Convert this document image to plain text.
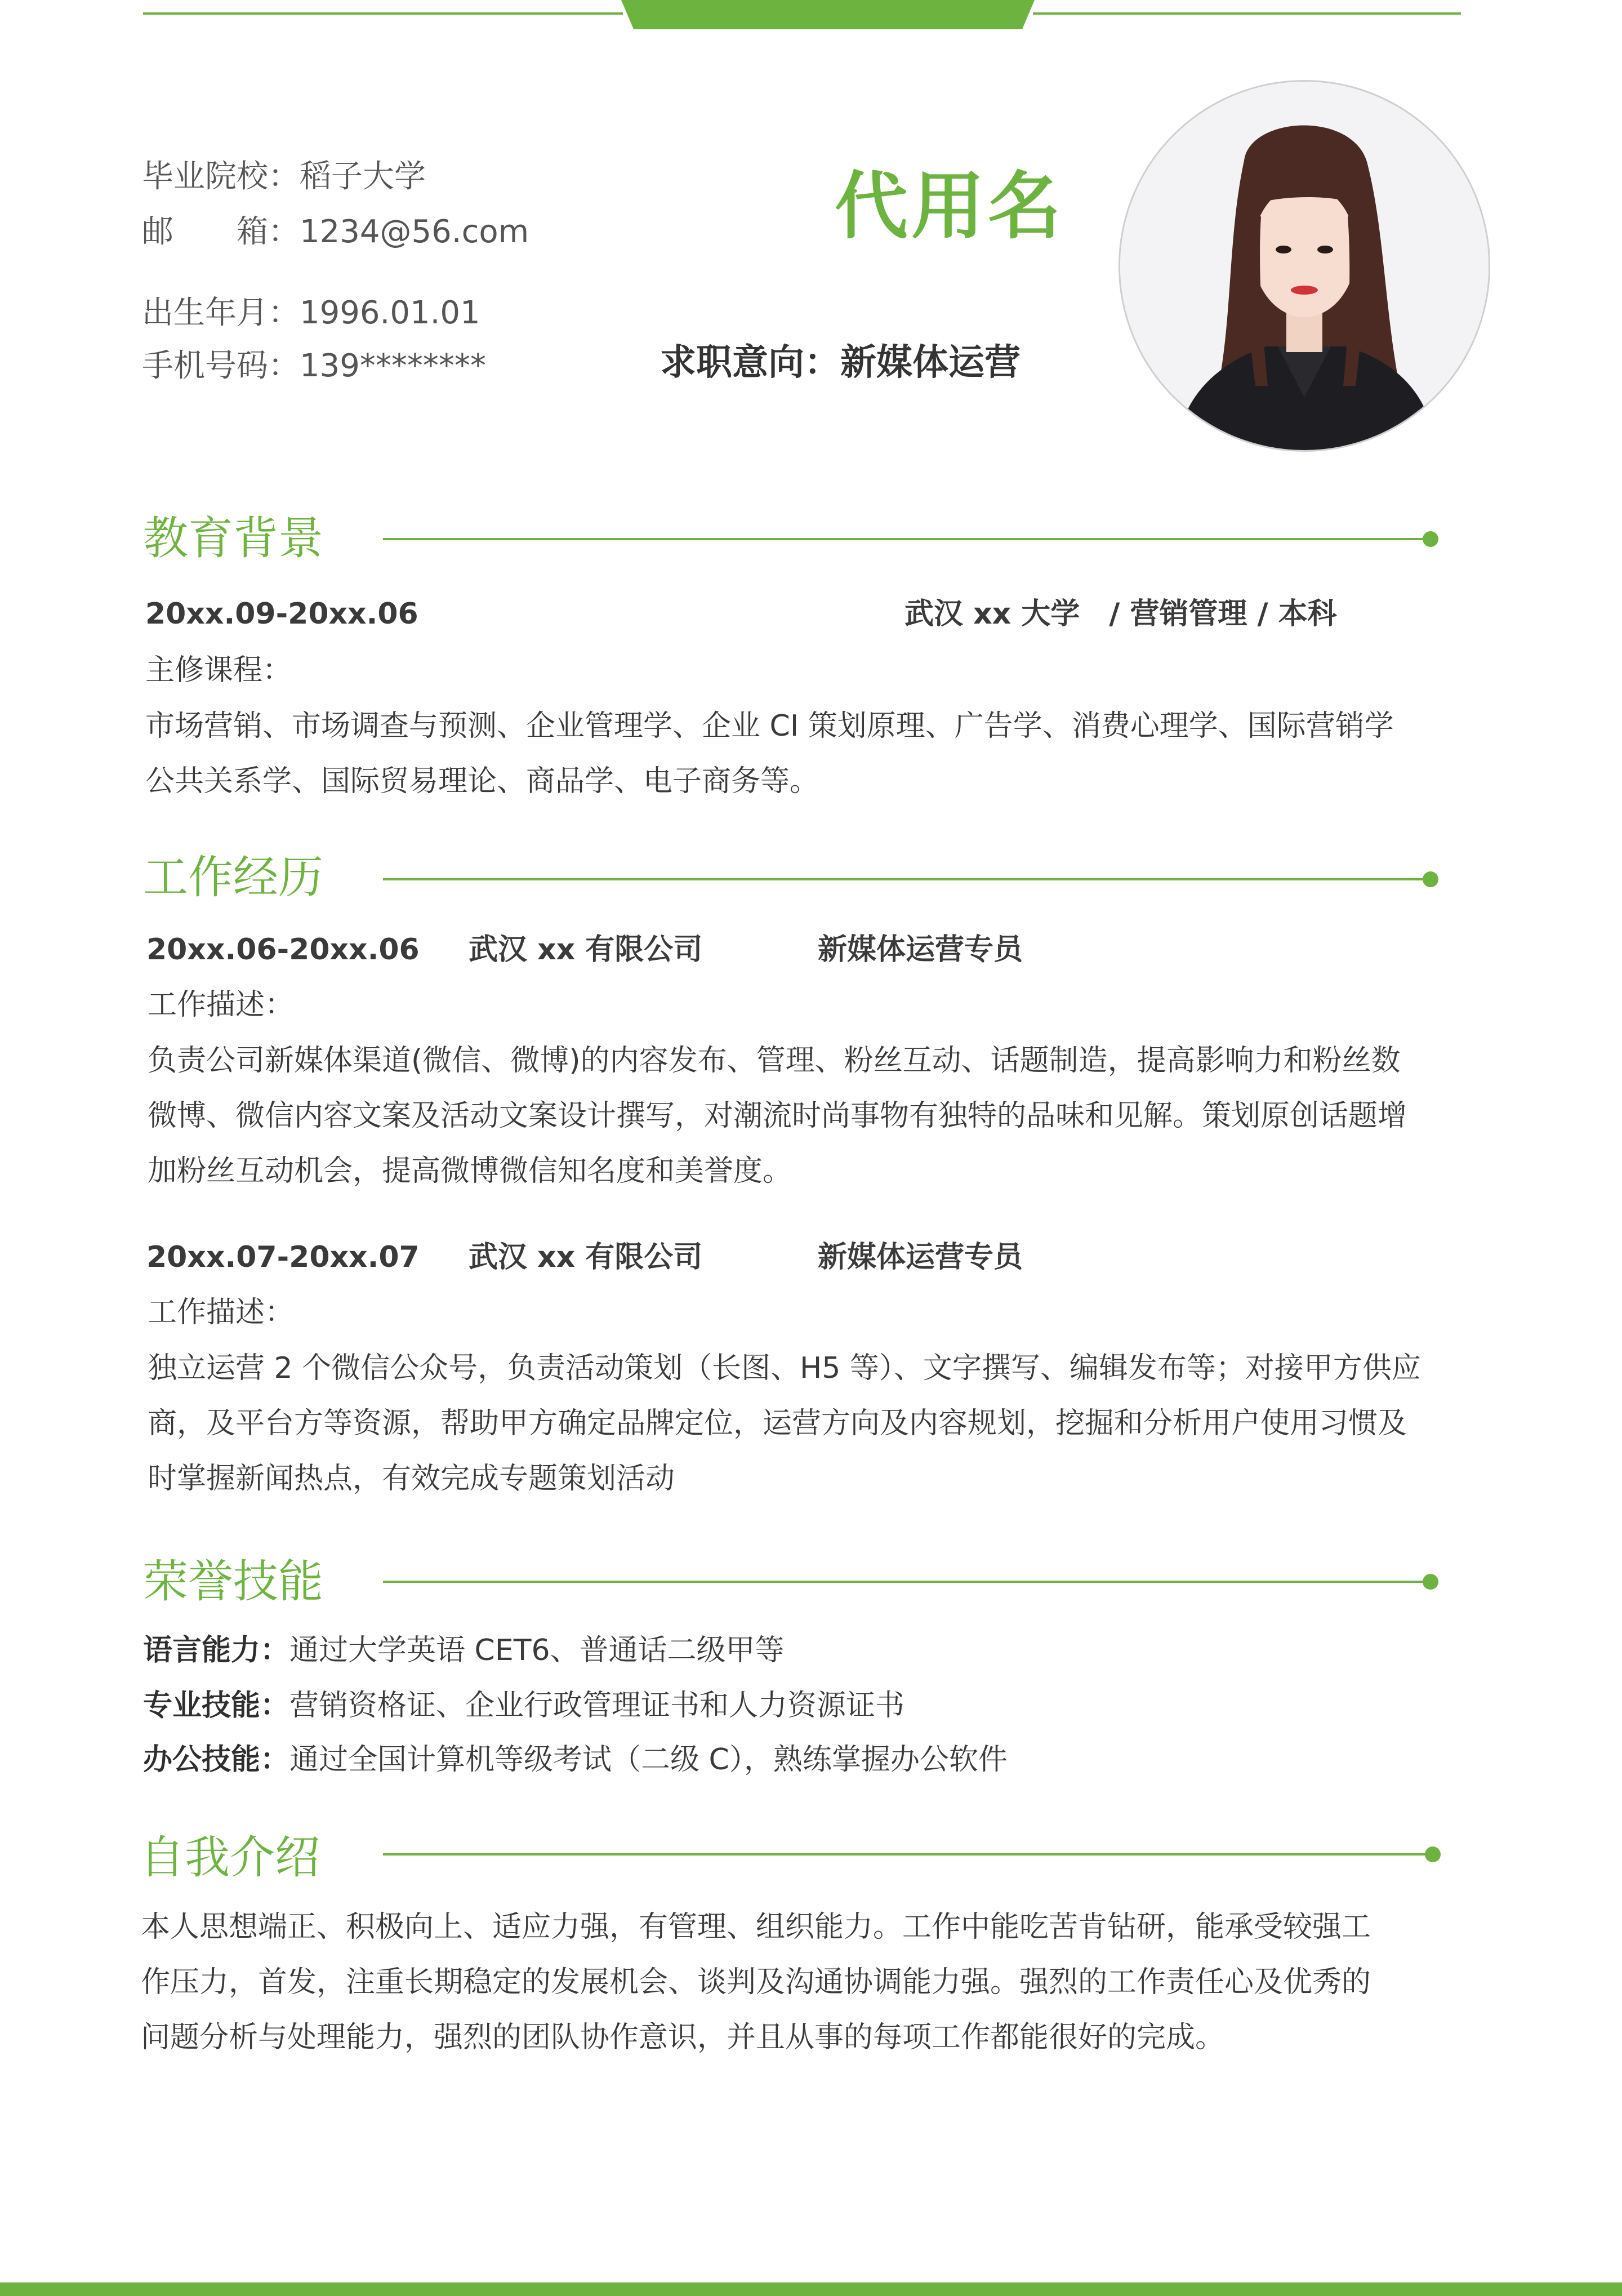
毕业院校：稻子大学
邮　　箱：1234@56.com
出生年月：1996.01.01
手机号码：139********
代用名
求职意向：新媒体运营
教育背景
20xx.09-20xx.06	武汉 xx 大学　/ 营销管理 / 本科
主修课程：
市场营销、市场调查与预测、企业管理学、企业 CI 策划原理、广告学、消费心理学、国际营销学
公共关系学、国际贸易理论、商品学、电子商务等。
工作经历
20xx.06-20xx.06 武汉 xx 有限公司	新媒体运营专员
工作描述：
负责公司新媒体渠道(微信、微博)的内容发布、管理、粉丝互动、话题制造，提高影响力和粉丝数
微博、微信内容文案及活动文案设计撰写，对潮流时尚事物有独特的品味和见解。策划原创话题增
加粉丝互动机会，提高微博微信知名度和美誉度。
20xx.07-20xx.07 武汉 xx 有限公司	新媒体运营专员
工作描述：
独立运营 2 个微信公众号，负责活动策划（长图、H5 等）、文字撰写、编辑发布等；对接甲方供应
商，及平台方等资源，帮助甲方确定品牌定位，运营方向及内容规划，挖掘和分析用户使用习惯及
时掌握新闻热点，有效完成专题策划活动
荣誉技能
语言能力：通过大学英语 CET6、普通话二级甲等
专业技能：营销资格证、企业行政管理证书和人力资源证书
办公技能：通过全国计算机等级考试（二级 C），熟练掌握办公软件
自我介绍
本人思想端正、积极向上、适应力强，有管理、组织能力。工作中能吃苦肯钻研，能承受较强工
作压力，首发，注重长期稳定的发展机会、谈判及沟通协调能力强。强烈的工作责任心及优秀的
问题分析与处理能力，强烈的团队协作意识，并且从事的每项工作都能很好的完成。
